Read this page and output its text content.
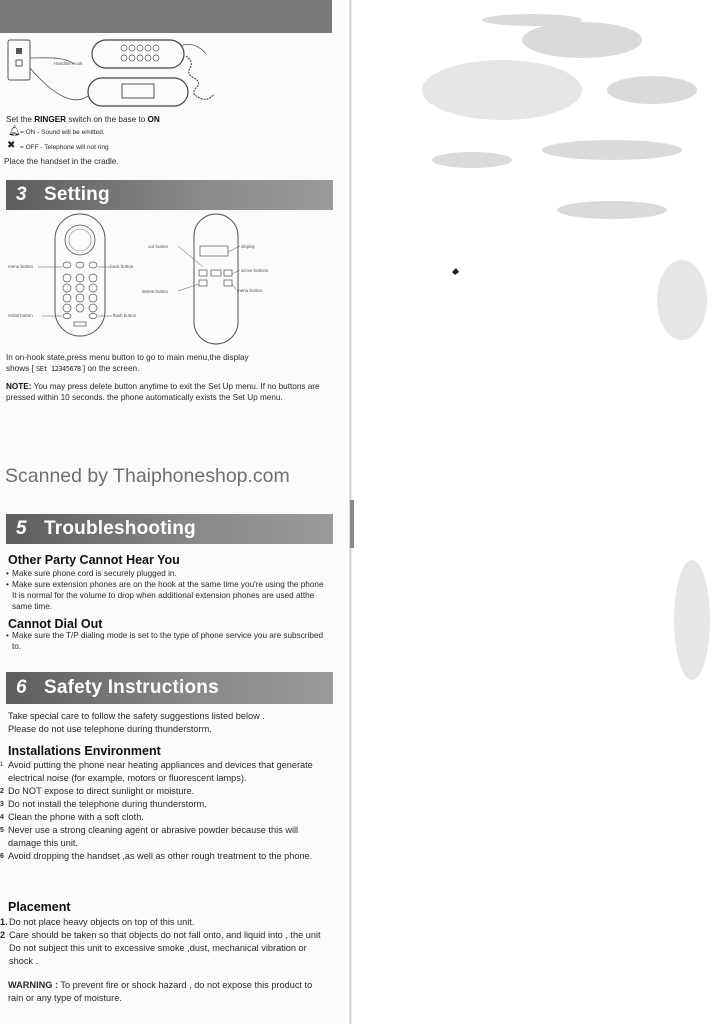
Handset Hook
Set the RINGER switch on the base to ON
🔔︎ = ON - Sound will be emitted.
✖ = OFF - Telephone will not ring
Place the handset in the cradle.
3 Setting
menu button	back button
redial button	flash button
out button	display
arrow buttons
delete button	menu button
In on-hook state,press menu button to go to main menu,the display
shows [ SEt 12345678 ] on the screen.
NOTE: You may press delete button anytime to exit the Set Up menu. If no buttons are pressed within 10 seconds. the phone automatically exists the Set Up menu.
Scanned by Thaiphoneshop.com
5 Troubleshooting
Other Party Cannot Hear You
• Make sure phone cord is securely plugged in.
• Make sure extension phones are on the hook at the same time you're using the phone It is normal for the volume to drop when additional extension phones are used atthe same time.
Cannot Dial Out
• Make sure the T/P dialing mode is set to the type of phone service you are subscribed to.
6 Safety Instructions
Take special care to follow the safety suggestions listed below .
Please do not use telephone during thunderstorm.
Installations Environment
1 Avoid putting the phone near heating appliances and devices that generate electrical noise (for example, motors or fluorescent lamps).
2 Do NOT expose to direct sunlight or moisture.
3 Do not install the telephone during thunderstorm.
4 Clean the phone with a soft cloth.
5 Never use a strong cleaning agent or abrasive powder because this will damage this unit.
6 Avoid dropping the handset ,as well as other rough treatment to the phone.
Placement
1. Do not place heavy objects on top of this unit.
2 Care should be taken so that objects do not fall onto, and liquid into , the unit Do not subject this unit to excessive smoke ,dust, mechanical vibration or shock .
WARNING : To prevent fire or shock hazard , do not expose this product to rain or any type of moisture.
